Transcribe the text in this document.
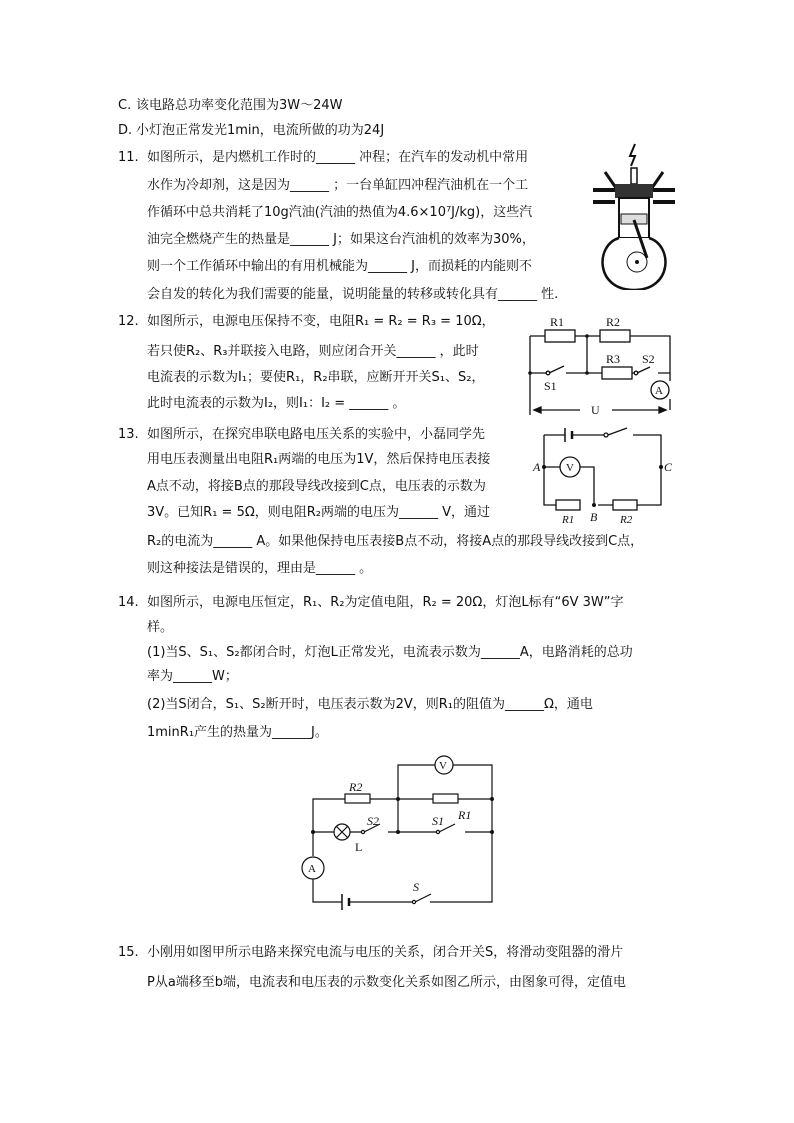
C. 该电路总功率变化范围为3W～24W
D. 小灯泡正常发光1min，电流所做的功为24J
11. 如图所示，是内燃机工作时的______ 冲程；在汽车的发动机中常用
水作为冷却剂，这是因为______ ；一台单缸四冲程汽油机在一个工
作循环中总共消耗了10g汽油(汽油的热值为4.6×10⁷J/kg)，这些汽
油完全燃烧产生的热量是______ J；如果这台汽油机的效率为30%，
则一个工作循环中输出的有用机械能为______ J，而损耗的内能则不
会自发的转化为我们需要的能量，说明能量的转移或转化具有______ 性.
12. 如图所示，电源电压保持不变，电阻R₁ = R₂ = R₃ = 10Ω，
若只使R₂、R₃并联接入电路，则应闭合开关______ ，此时
电流表的示数为I₁；要使R₁，R₂串联，应断开开关S₁、S₂，
此时电流表的示数为I₂，则I₁：I₂ = ______ 。
R1	R2
R3 S2
S1	A
U
13. 如图所示，在探究串联电路电压关系的实验中，小磊同学先
用电压表测量出电阻R₁两端的电压为1V，然后保持电压表接
A点不动，将接B点的那段导线改接到C点，电压表的示数为
3V。已知R₁ = 5Ω，则电阻R₂两端的电压为______ V，通过
R₂的电流为______ A。如果他保持电压表接B点不动，将接A点的那段导线改接到C点，
则这种接法是错误的，理由是______ 。
V
A	C
B
R1	R2
14. 如图所示，电源电压恒定，R₁、R₂为定值电阻，R₂ = 20Ω，灯泡L标有“6V 3W”字
样。
(1)当S、S₁、S₂都闭合时，灯泡L正常发光，电流表示数为______A，电路消耗的总功
率为______W；
(2)当S闭合，S₁、S₂断开时，电压表示数为2V，则R₁的阻值为______Ω，通电
1minR₁产生的热量为______J。
V
R2
R1
S2	S1
L
A
S
15. 小刚用如图甲所示电路来探究电流与电压的关系，闭合开关S，将滑动变阻器的滑片
P从a端移至b端，电流表和电压表的示数变化关系如图乙所示，由图象可得，定值电
